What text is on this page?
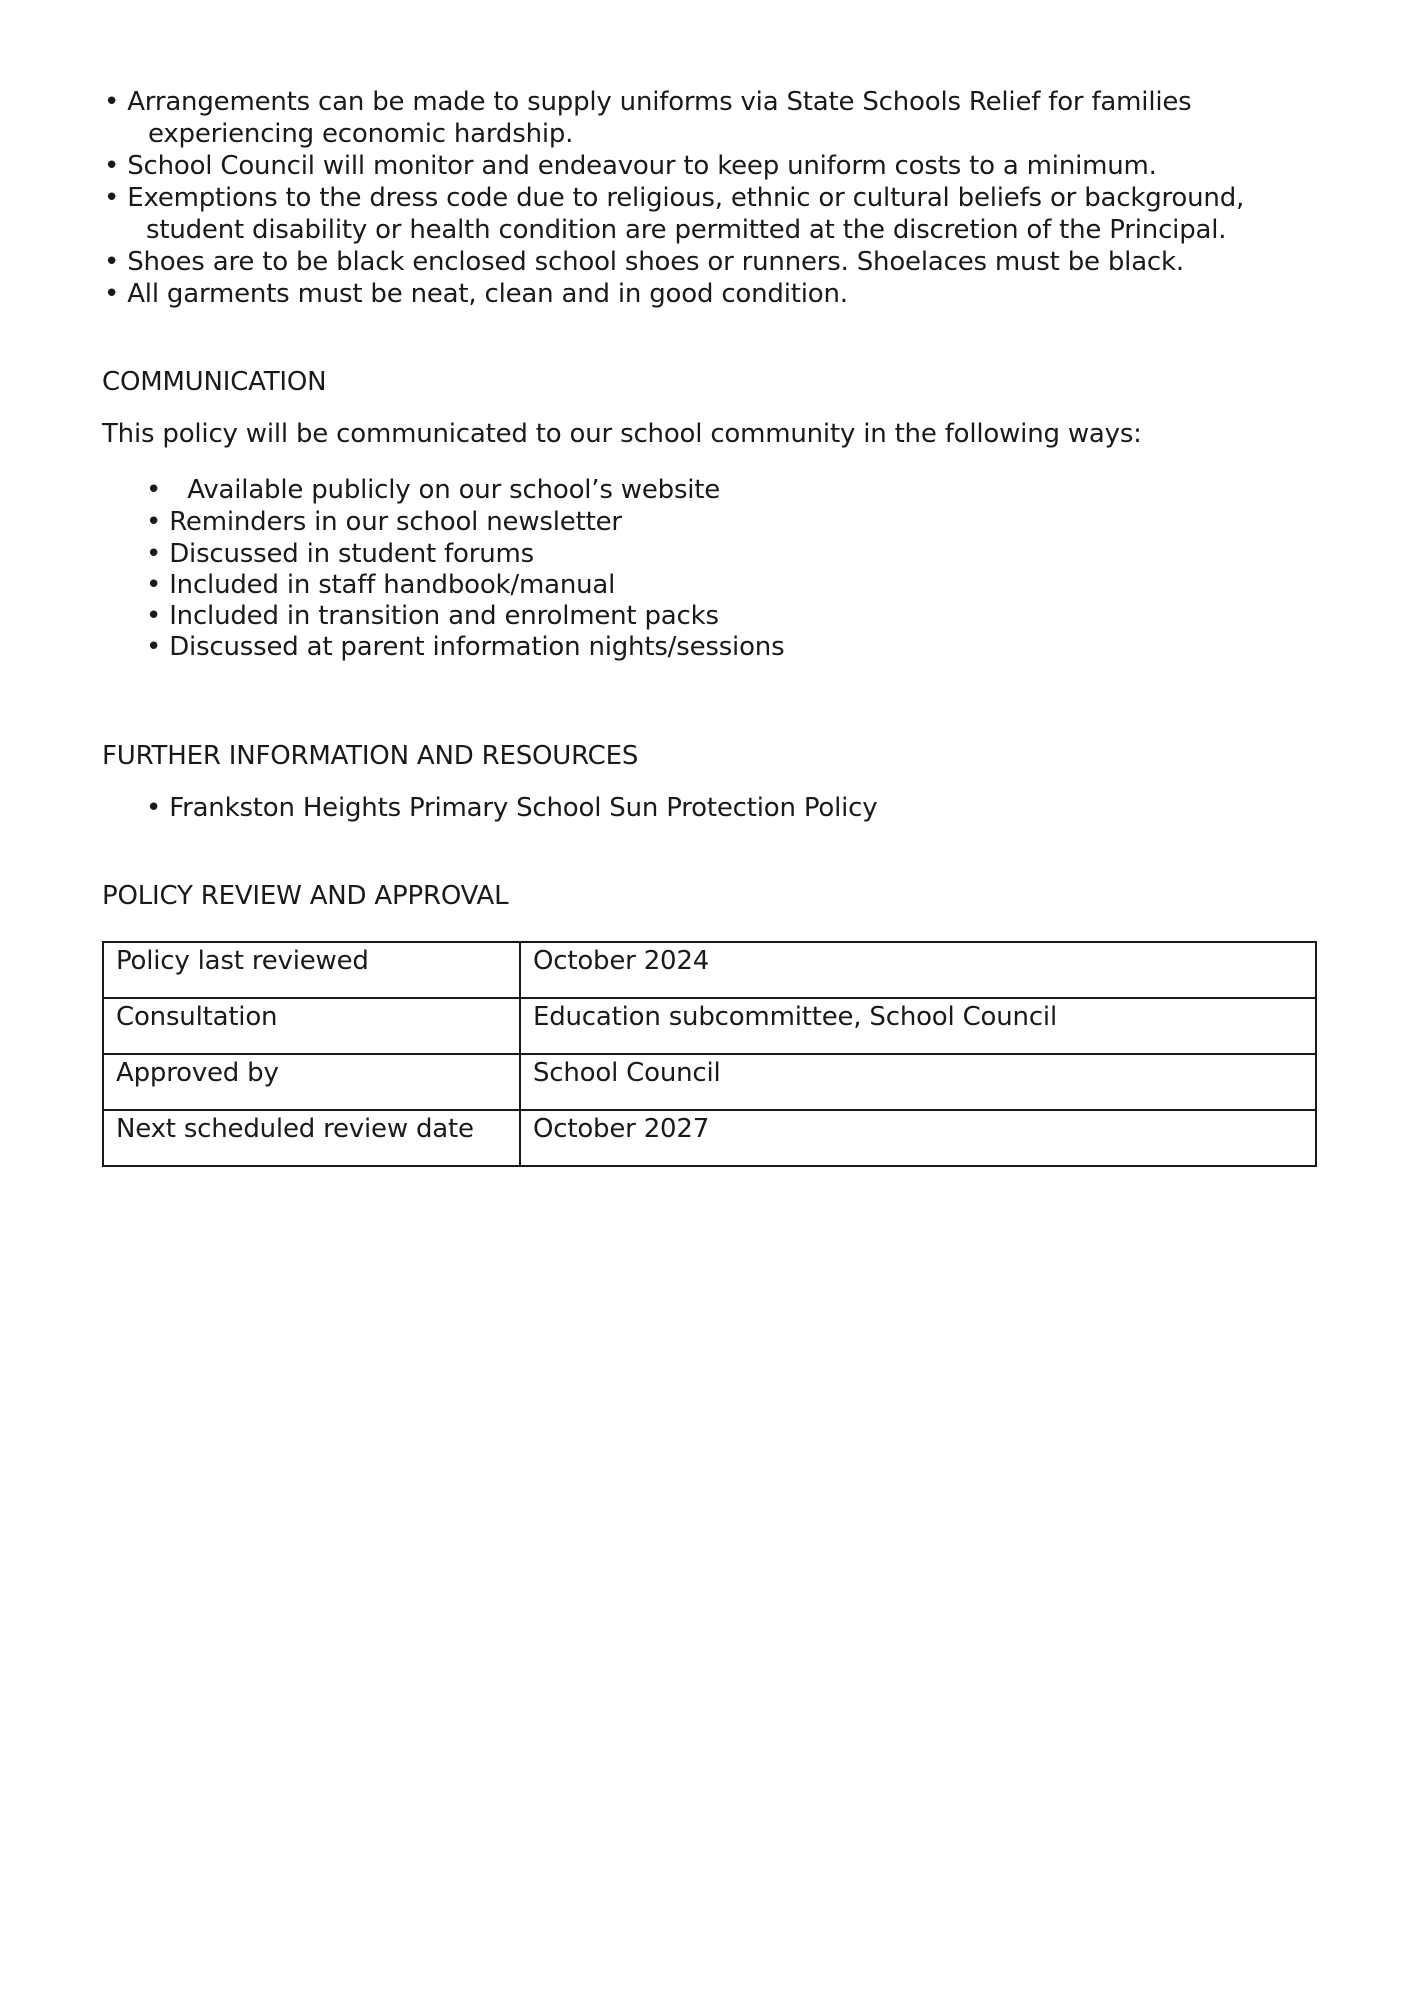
• Arrangements can be made to supply uniforms via State Schools Relief for families
experiencing economic hardship.
• School Council will monitor and endeavour to keep uniform costs to a minimum.
• Exemptions to the dress code due to religious, ethnic or cultural beliefs or background,
student disability or health condition are permitted at the discretion of the Principal.
• Shoes are to be black enclosed school shoes or runners. Shoelaces must be black.
• All garments must be neat, clean and in good condition.
COMMUNICATION
This policy will be communicated to our school community in the following ways:
• Available publicly on our school’s website
• Reminders in our school newsletter
• Discussed in student forums
• Included in staff handbook/manual
• Included in transition and enrolment packs
• Discussed at parent information nights/sessions
FURTHER INFORMATION AND RESOURCES
• Frankston Heights Primary School Sun Protection Policy
POLICY REVIEW AND APPROVAL
Policy last reviewed	October 2024
Consultation	Education subcommittee, School Council
Approved by	School Council
Next scheduled review date	October 2027
